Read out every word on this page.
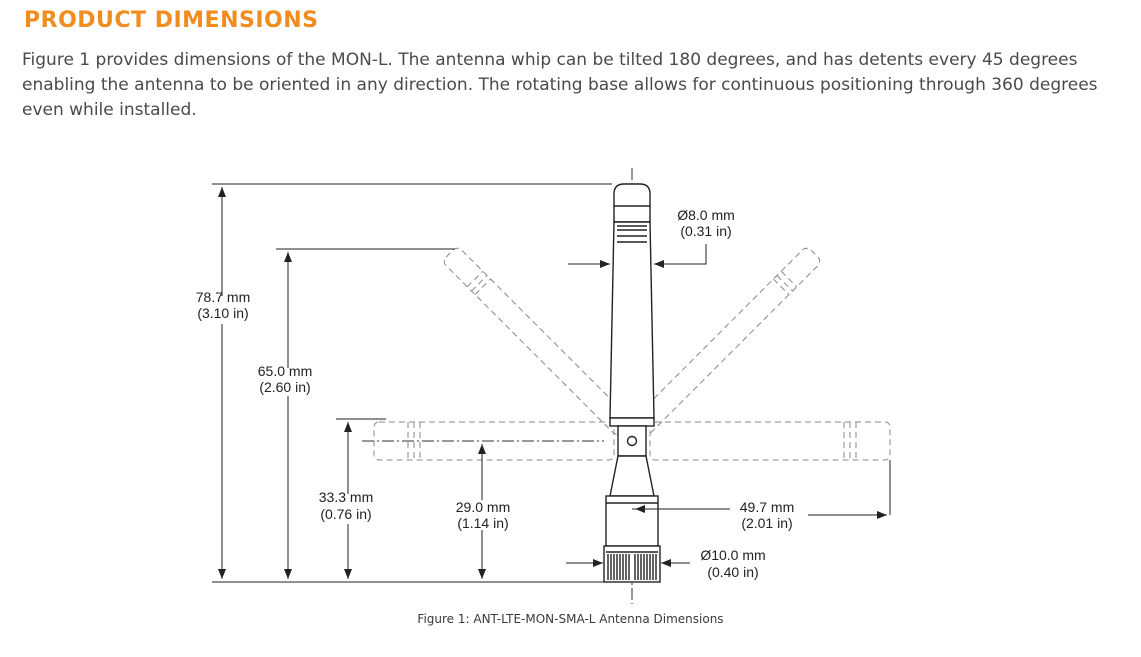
PRODUCT DIMENSIONS

Figure 1 provides dimensions of the MON-L. The antenna whip can be tilted 180 degrees, and has detents every 45 degrees enabling the antenna to be oriented in any direction. The rotating base allows for continuous positioning through 360 degrees even while installed.

78.7 mm
(3.10 in)
65.0 mm
(2.60 in)
33.3 mm
(0.76 in)	29.0 mm
(1.14 in)
Ø8.0 mm
(0.31 in)
49.7 mm
(2.01 in)
Ø10.0 mm
(0.40 in)
Figure 1: ANT-LTE-MON-SMA-L Antenna Dimensions
